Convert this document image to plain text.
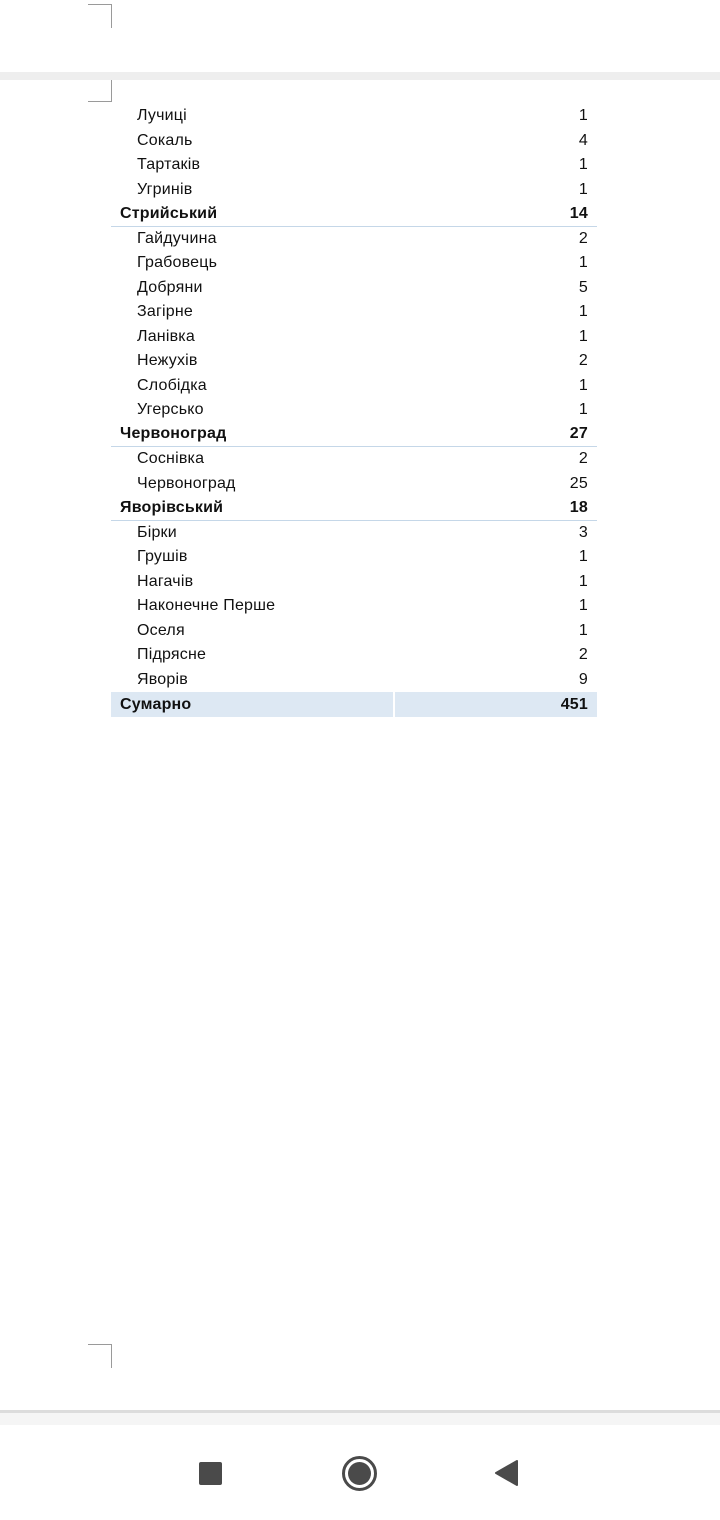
Лучиці	1
Сокаль	4
Тартаків	1
Угринів	1
Стрийський	14
Гайдучина	2
Грабовець	1
Добряни	5
Загірне	1
Ланівка	1
Нежухів	2
Слобідка	1
Угерсько	1
Червоноград	27
Соснівка	2
Червоноград	25
Яворівський	18
Бірки	3
Грушів	1
Нагачів	1
Наконечне Перше	1
Оселя	1
Підрясне	2
Яворів	9
Сумарно	451
